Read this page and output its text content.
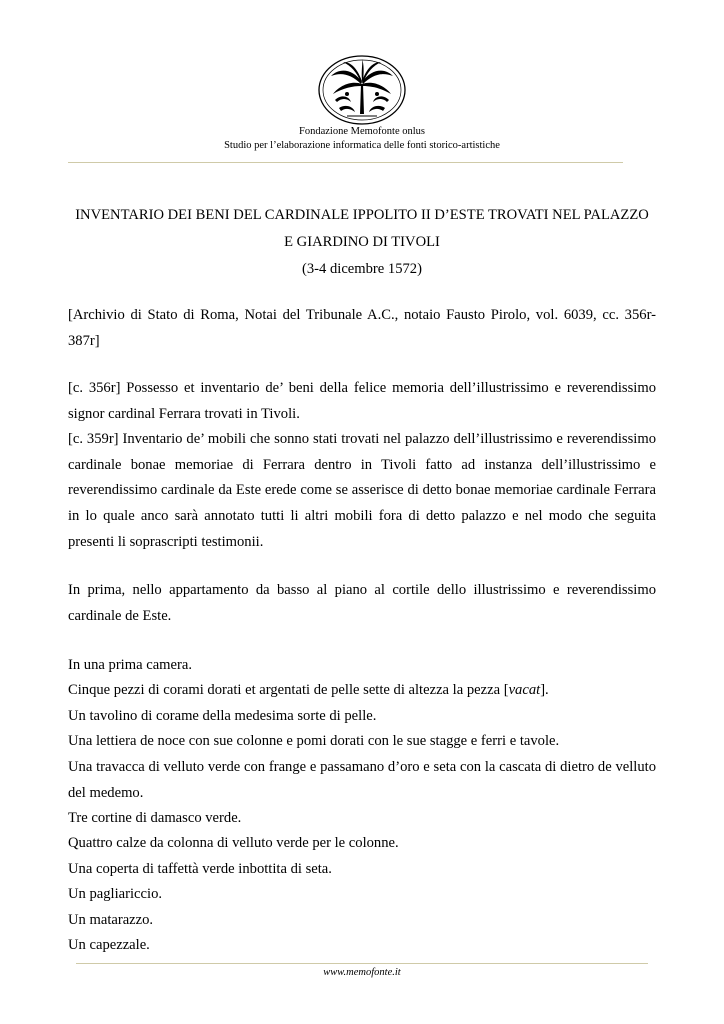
Fondazione Memofonte onlus
Studio per l’elaborazione informatica delle fonti storico-artistiche
INVENTARIO DEI BENI DEL CARDINALE IPPOLITO II D’ESTE TROVATI NEL PALAZZO
E GIARDINO DI TIVOLI
(3-4 dicembre 1572)
[Archivio di Stato di Roma, Notai del Tribunale A.C., notaio Fausto Pirolo, vol. 6039, cc. 356r-387r]
[c. 356r] Possesso et inventario de’ beni della felice memoria dell’illustrissimo e reverendissimo signor cardinal Ferrara trovati in Tivoli.
[c. 359r] Inventario de’ mobili che sonno stati trovati nel palazzo dell’illustrissimo e reverendissimo cardinale bonae memoriae di Ferrara dentro in Tivoli fatto ad instanza dell’illustrissimo e reverendissimo cardinale da Este erede come se asserisce di detto bonae memoriae cardinale Ferrara in lo quale anco sarà annotato tutti li altri mobili fora di detto palazzo e nel modo che seguita presenti li soprascripti testimonii.
In prima, nello appartamento da basso al piano al cortile dello illustrissimo e reverendissimo cardinale de Este.
In una prima camera.
Cinque pezzi di corami dorati et argentati de pelle sette di altezza la pezza [vacat].
Un tavolino di corame della medesima sorte di pelle.
Una lettiera de noce con sue colonne e pomi dorati con le sue stagge e ferri e tavole.
Una travacca di velluto verde con frange e passamano d’oro e seta con la cascata di dietro de velluto del medemo.
Tre cortine di damasco verde.
Quattro calze da colonna di velluto verde per le colonne.
Una coperta di taffettà verde inbottita di seta.
Un pagliariccio.
Un matarazzo.
Un capezzale.
www.memofonte.it
